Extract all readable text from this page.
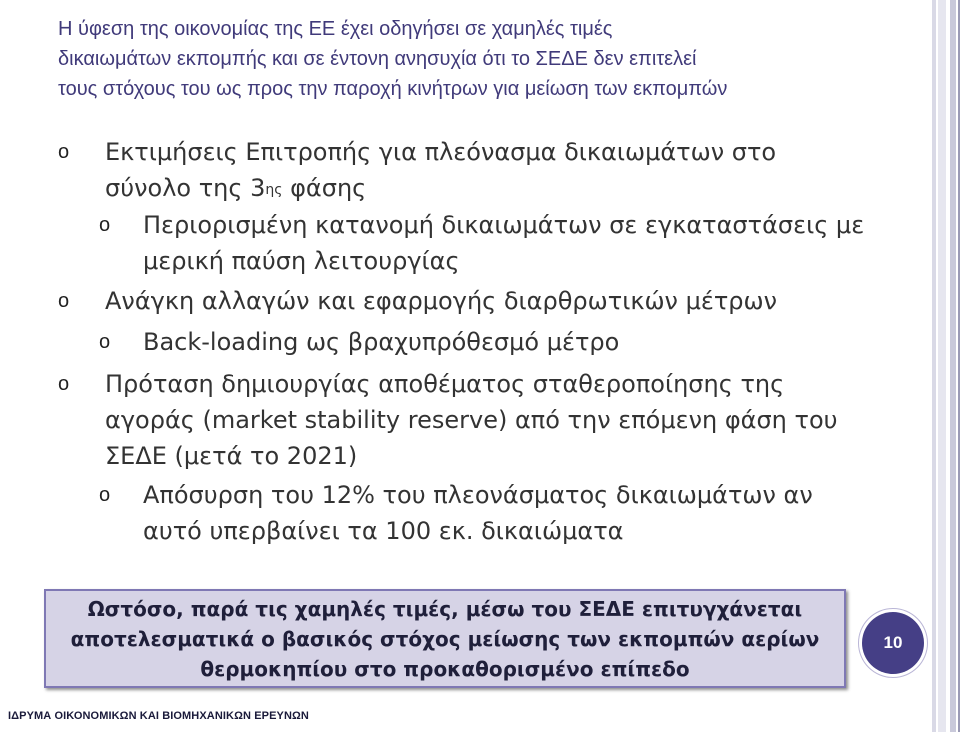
Η ύφεση της οικονομίας της ΕΕ έχει οδηγήσει σε χαμηλές τιμές
δικαιωμάτων εκπομπής και σε έντονη ανησυχία ότι το ΣΕΔΕ δεν επιτελεί
τους στόχους του ως προς την παροχή κινήτρων για μείωση των εκπομπών
o Εκτιμήσεις Επιτροπής για πλεόνασμα δικαιωμάτων στο
σύνολο της $3^{\eta\varsigma}$ φάσης
o Περιορισμένη κατανομή δικαιωμάτων σε εγκαταστάσεις με
μερική παύση λειτουργίας
o Ανάγκη αλλαγών και εφαρμογής διαρθρωτικών μέτρων
o Back-loading ως βραχυπρόθεσμό μέτρο
o Πρόταση δημιουργίας αποθέματος σταθεροποίησης της
αγοράς (market stability reserve) από την επόμενη φάση του
ΣΕΔΕ (μετά το 2021)
o Απόσυρση του 12% του πλεονάσματος δικαιωμάτων αν
αυτό υπερβαίνει τα 100 εκ. δικαιώματα
Ωστόσο, παρά τις χαμηλές τιμές, μέσω του ΣΕΔΕ επιτυγχάνεται
αποτελεσματικά ο βασικός στόχος μείωσης των εκπομπών αερίων
θερμοκηπίου στο προκαθορισμένο επίπεδο
10
ΙΔΡΥΜΑ ΟΙΚΟΝΟΜΙΚΩΝ ΚΑΙ ΒΙΟΜΗΧΑΝΙΚΩΝ ΕΡΕΥΝΩΝ
